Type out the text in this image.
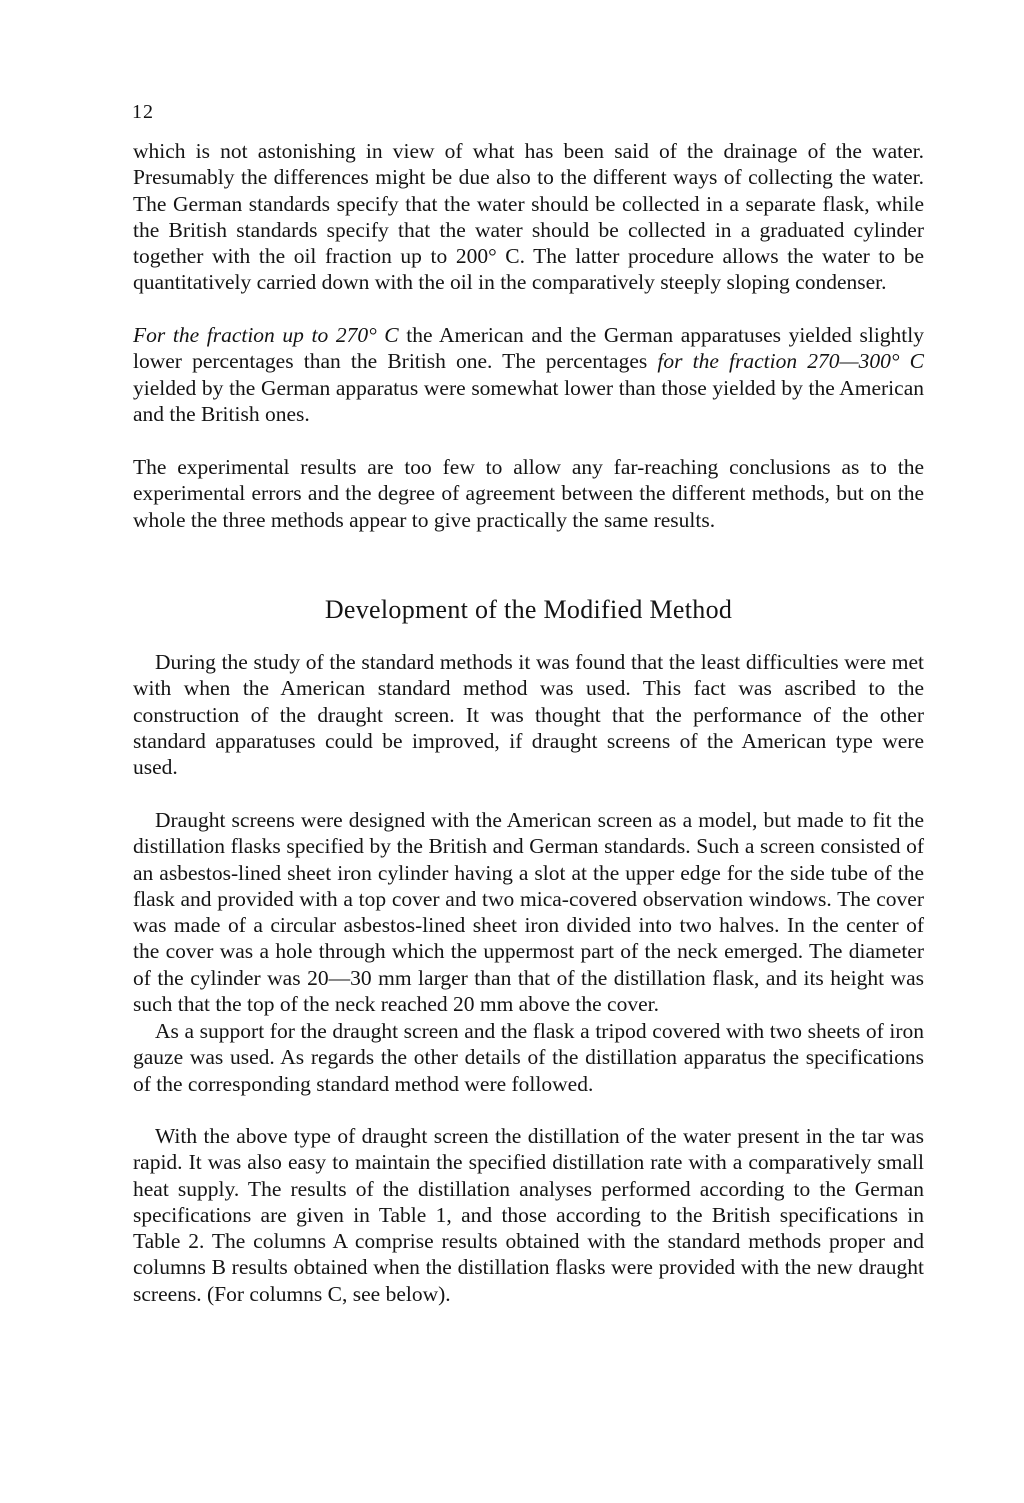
12

which is not astonishing in view of what has been said of the drainage of the water. Presumably the differences might be due also to the different ways of collecting the water. The German standards specify that the water should be collected in a separate flask, while the British standards specify that the water should be collected in a graduated cylinder together with the oil fraction up to 200° C. The latter procedure allows the water to be quantitatively carried down with the oil in the comparatively steeply sloping condenser.

For the fraction up to 270° C the American and the German apparatuses yielded slightly lower percentages than the British one. The percentages for the fraction 270—300° C yielded by the German apparatus were somewhat lower than those yielded by the American and the British ones.

The experimental results are too few to allow any far-reaching conclusions as to the experimental errors and the degree of agreement between the different methods, but on the whole the three methods appear to give practically the same results.

Development of the Modified Method

During the study of the standard methods it was found that the least difficulties were met with when the American standard method was used. This fact was ascribed to the construction of the draught screen. It was thought that the performance of the other standard apparatuses could be improved, if draught screens of the American type were used.

Draught screens were designed with the American screen as a model, but made to fit the distillation flasks specified by the British and German standards. Such a screen consisted of an asbestos-lined sheet iron cylinder having a slot at the upper edge for the side tube of the flask and provided with a top cover and two mica-covered observation windows. The cover was made of a circular asbestos-lined sheet iron divided into two halves. In the center of the cover was a hole through which the uppermost part of the neck emerged. The diameter of the cylinder was 20—30 mm larger than that of the distillation flask, and its height was such that the top of the neck reached 20 mm above the cover.

As a support for the draught screen and the flask a tripod covered with two sheets of iron gauze was used. As regards the other details of the distillation apparatus the specifications of the corresponding standard method were followed.

With the above type of draught screen the distillation of the water present in the tar was rapid. It was also easy to maintain the specified distillation rate with a comparatively small heat supply. The results of the distillation analyses performed according to the German specifications are given in Table 1, and those according to the British specifications in Table 2. The columns A comprise results obtained with the standard methods proper and columns B results obtained when the distillation flasks were provided with the new draught screens. (For columns C, see below).
